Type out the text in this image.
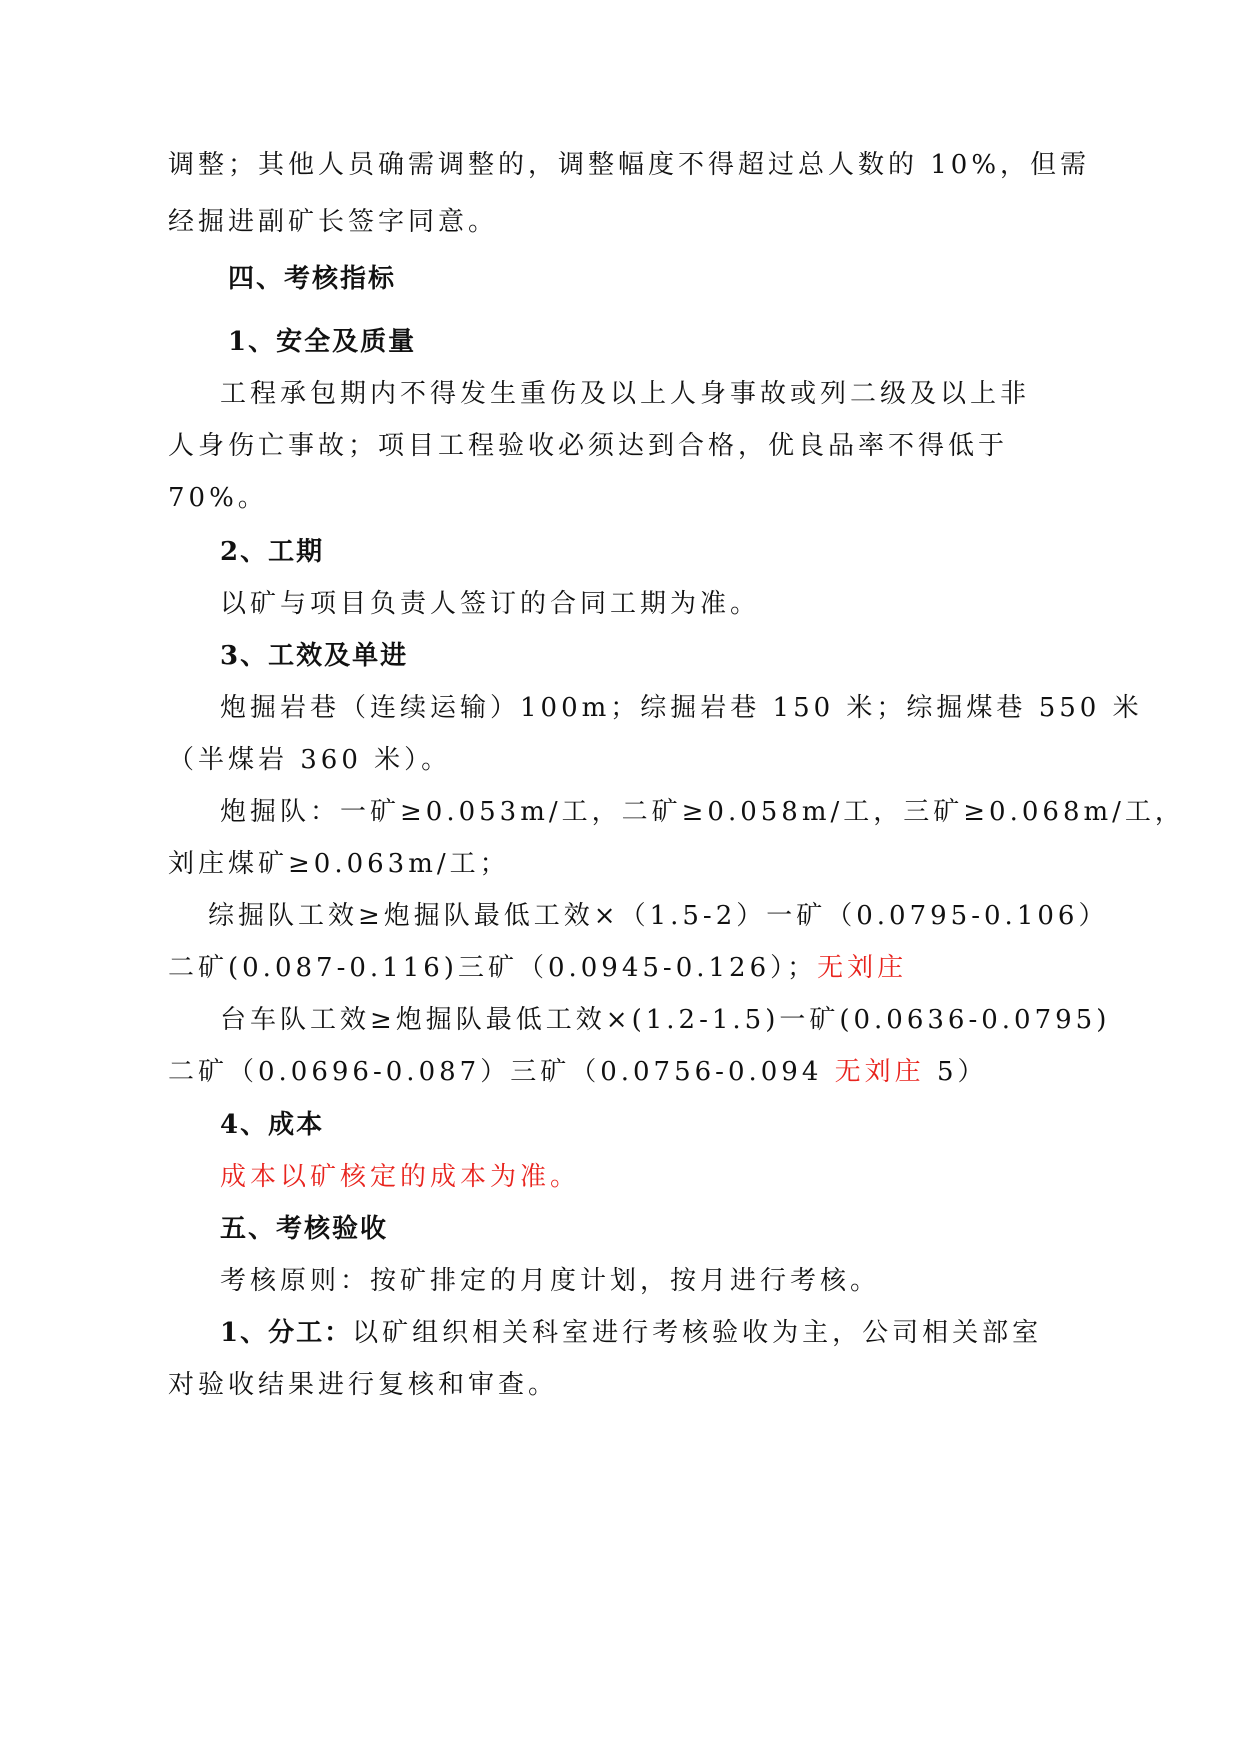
调整；其他人员确需调整的，调整幅度不得超过总人数的 10%，但需
经掘进副矿长签字同意。
四、考核指标
1、安全及质量
工程承包期内不得发生重伤及以上人身事故或列二级及以上非
人身伤亡事故；项目工程验收必须达到合格，优良品率不得低于
70%。
2、工期
以矿与项目负责人签订的合同工期为准。
3、工效及单进
炮掘岩巷（连续运输）100m；综掘岩巷 150 米；综掘煤巷 550 米
（半煤岩 360 米）。
炮掘队：一矿≥0.053m/工，二矿≥0.058m/工，三矿≥0.068m/工，
刘庄煤矿≥0.063m/工；
综掘队工效≥炮掘队最低工效×（1.5-2）一矿（0.0795-0.106）
二矿(0.087-0.116)三矿（0.0945-0.126）；无刘庄
台车队工效≥炮掘队最低工效×(1.2-1.5)一矿(0.0636-0.0795)
二矿（0.0696-0.087）三矿（0.0756-0.094 无刘庄 5）
4、成本
成本以矿核定的成本为准。
五、考核验收
考核原则：按矿排定的月度计划，按月进行考核。
1、分工：以矿组织相关科室进行考核验收为主，公司相关部室
对验收结果进行复核和审查。
